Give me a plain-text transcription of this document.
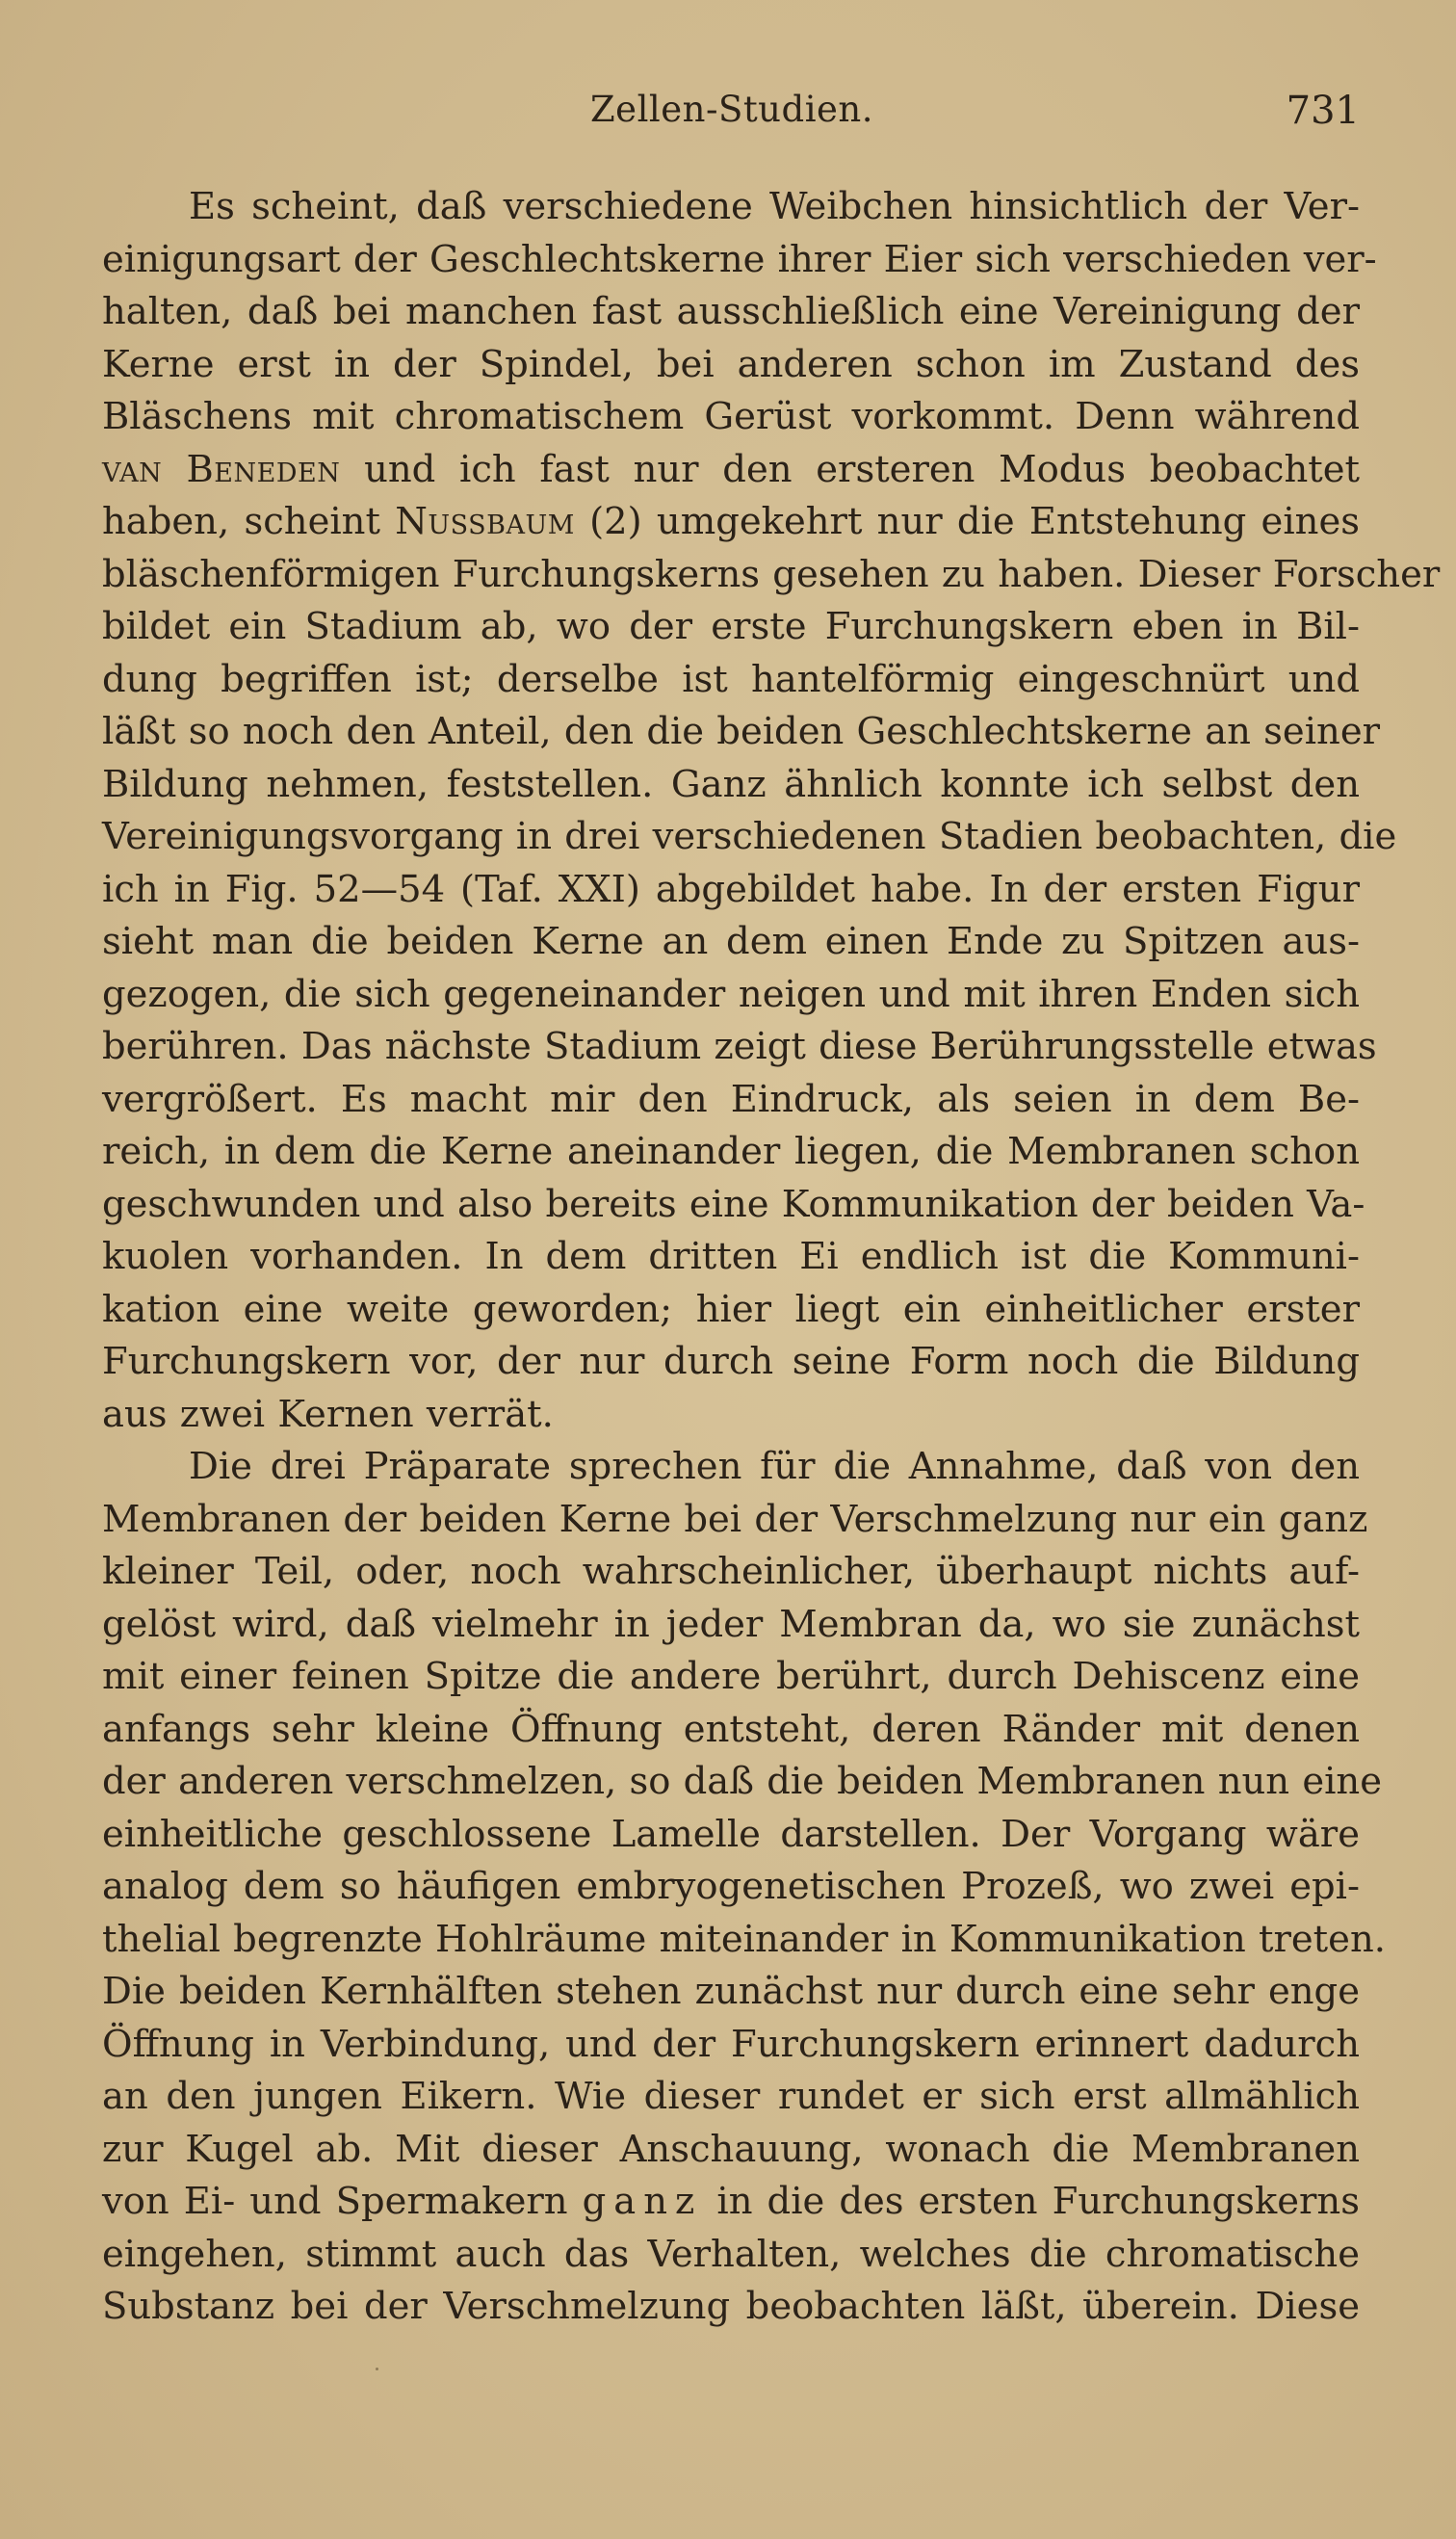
Zellen-Studien.	731
Es scheint, daß verschiedene Weibchen hinsichtlich der Ver-
einigungsart der Geschlechtskerne ihrer Eier sich verschieden ver-
halten, daß bei manchen fast ausschließlich eine Vereinigung der
Kerne erst in der Spindel, bei anderen schon im Zustand des
Bläschens mit chromatischem Gerüst vorkommt. Denn während
van Beneden und ich fast nur den ersteren Modus beobachtet
haben, scheint Nussbaum (2) umgekehrt nur die Entstehung eines
bläschenförmigen Furchungskerns gesehen zu haben. Dieser Forscher
bildet ein Stadium ab, wo der erste Furchungskern eben in Bil-
dung begriffen ist; derselbe ist hantelförmig eingeschnürt und
läßt so noch den Anteil, den die beiden Geschlechtskerne an seiner
Bildung nehmen, feststellen. Ganz ähnlich konnte ich selbst den
Vereinigungsvorgang in drei verschiedenen Stadien beobachten, die
ich in Fig. 52—54 (Taf. XXI) abgebildet habe. In der ersten Figur
sieht man die beiden Kerne an dem einen Ende zu Spitzen aus-
gezogen, die sich gegeneinander neigen und mit ihren Enden sich
berühren. Das nächste Stadium zeigt diese Berührungsstelle etwas
vergrößert. Es macht mir den Eindruck, als seien in dem Be-
reich, in dem die Kerne aneinander liegen, die Membranen schon
geschwunden und also bereits eine Kommunikation der beiden Va-
kuolen vorhanden. In dem dritten Ei endlich ist die Kommuni-
kation eine weite geworden; hier liegt ein einheitlicher erster
Furchungskern vor, der nur durch seine Form noch die Bildung
aus zwei Kernen verrät.
Die drei Präparate sprechen für die Annahme, daß von den
Membranen der beiden Kerne bei der Verschmelzung nur ein ganz
kleiner Teil, oder, noch wahrscheinlicher, überhaupt nichts auf-
gelöst wird, daß vielmehr in jeder Membran da, wo sie zunächst
mit einer feinen Spitze die andere berührt, durch Dehiscenz eine
anfangs sehr kleine Öffnung entsteht, deren Ränder mit denen
der anderen verschmelzen, so daß die beiden Membranen nun eine
einheitliche geschlossene Lamelle darstellen. Der Vorgang wäre
analog dem so häufigen embryogenetischen Prozeß, wo zwei epi-
thelial begrenzte Hohlräume miteinander in Kommunikation treten.
Die beiden Kernhälften stehen zunächst nur durch eine sehr enge
Öffnung in Verbindung, und der Furchungskern erinnert dadurch
an den jungen Eikern. Wie dieser rundet er sich erst allmählich
zur Kugel ab. Mit dieser Anschauung, wonach die Membranen
von Ei- und Spermakern ganz in die des ersten Furchungskerns
eingehen, stimmt auch das Verhalten, welches die chromatische
Substanz bei der Verschmelzung beobachten läßt, überein. Diese
